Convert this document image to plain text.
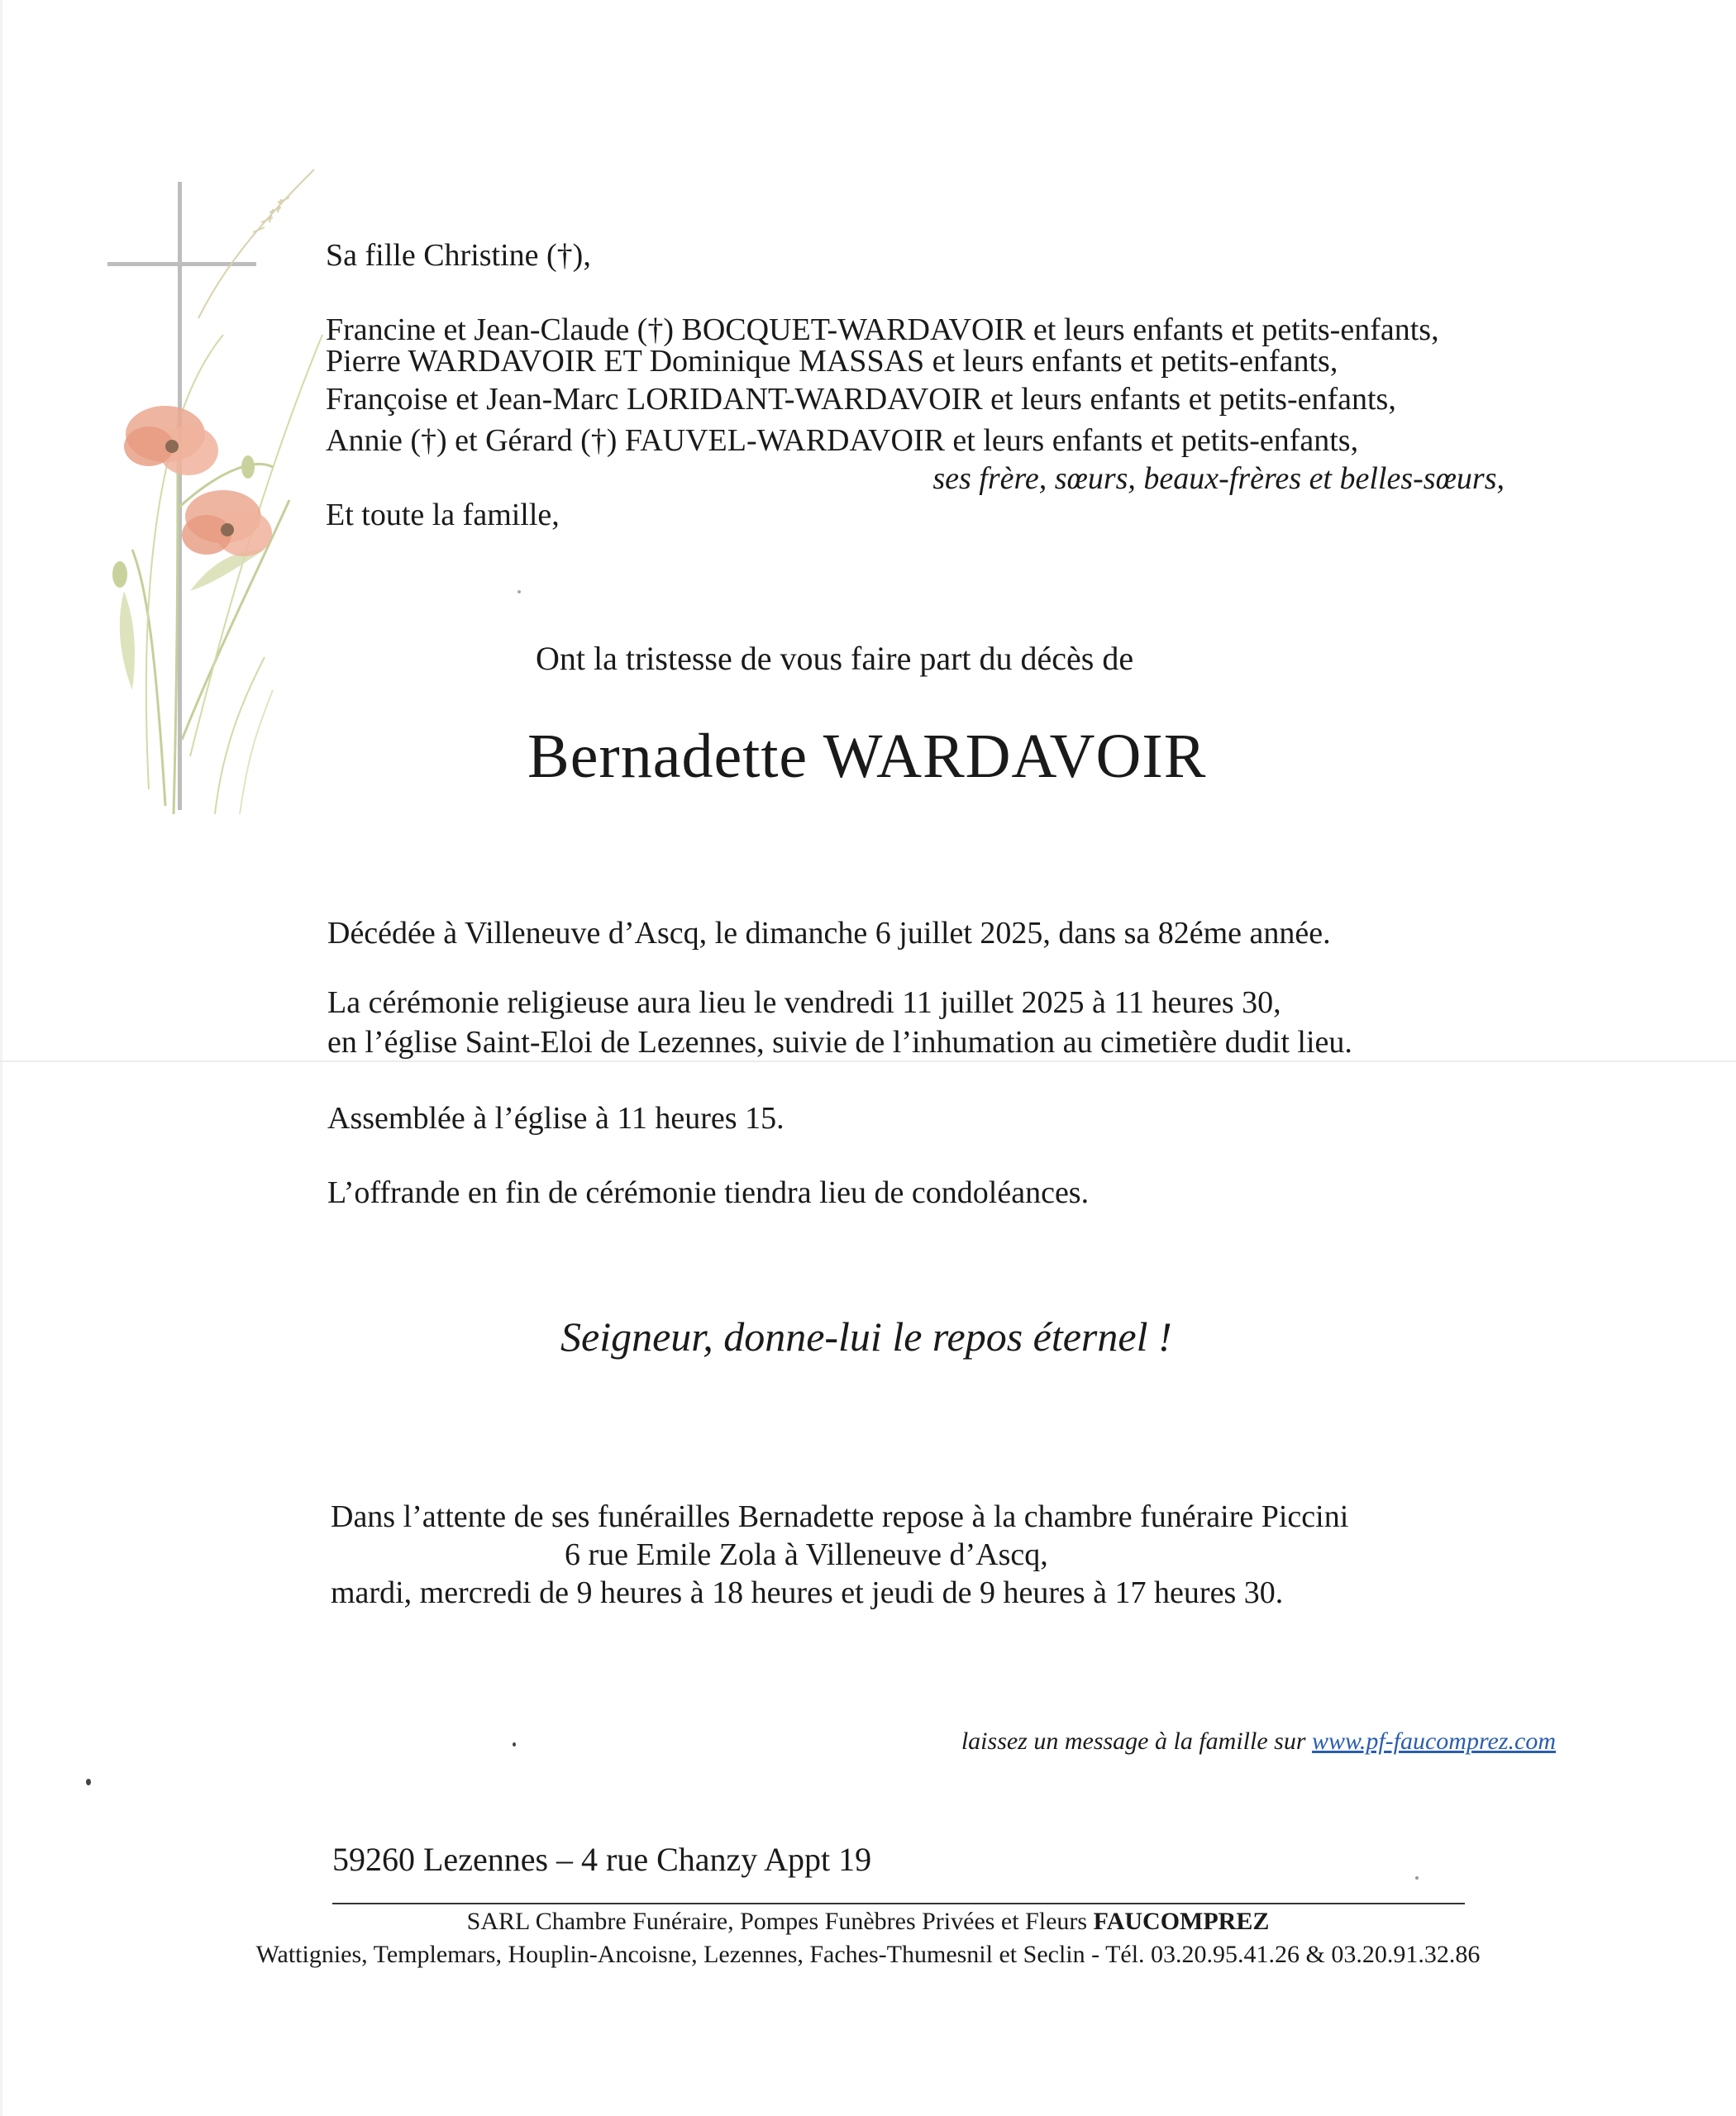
Sa fille Christine (†),
Francine et Jean-Claude (†) BOCQUET-WARDAVOIR et leurs enfants et petits-enfants,
Pierre WARDAVOIR ET Dominique MASSAS et leurs enfants et petits-enfants,
Françoise et Jean-Marc LORIDANT-WARDAVOIR et leurs enfants et petits-enfants,
Annie (†) et Gérard (†) FAUVEL-WARDAVOIR et leurs enfants et petits-enfants,
ses frère, sœurs, beaux-frères et belles-sœurs,
Et toute la famille,
Ont la tristesse de vous faire part du décès de
Bernadette WARDAVOIR
Décédée à Villeneuve d’Ascq, le dimanche 6 juillet 2025, dans sa 82éme année.
La cérémonie religieuse aura lieu le vendredi 11 juillet 2025 à 11 heures 30,
en l’église Saint-Eloi de Lezennes, suivie de l’inhumation au cimetière dudit lieu.
Assemblée à l’église à 11 heures 15.
L’offrande en fin de cérémonie tiendra lieu de condoléances.
Seigneur, donne-lui le repos éternel !
Dans l’attente de ses funérailles Bernadette repose à la chambre funéraire Piccini
6 rue Emile Zola à Villeneuve d’Ascq,
mardi, mercredi de 9 heures à 18 heures et jeudi de 9 heures à 17 heures 30.
laissez un message à la famille sur www.pf-faucomprez.com
59260 Lezennes – 4 rue Chanzy Appt 19
SARL Chambre Funéraire, Pompes Funèbres Privées et Fleurs FAUCOMPREZ
Wattignies, Templemars, Houplin-Ancoisne, Lezennes, Faches-Thumesnil et Seclin - Tél. 03.20.95.41.26 & 03.20.91.32.86
